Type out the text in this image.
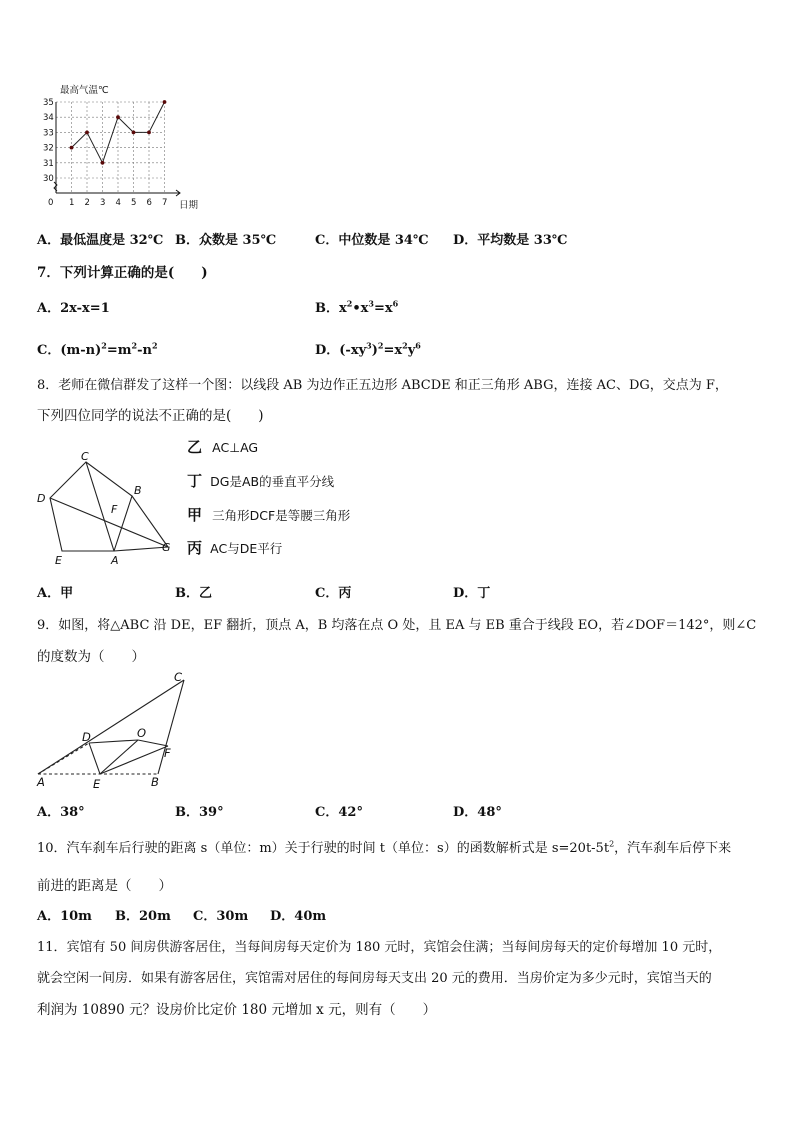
最高气温℃
30
31
32
33
34
35
0 1 2 3 4 5 6 7 日期
A．最低温度是 32℃ B．众数是 35℃	C．中位数是 34℃ D．平均数是 33℃
7．下列计算正确的是(　　)
A．2x-x=1	B．$x^2•x^3=x^6$
C．$(m-n)^2=m^2-n^2$	D．$(-xy^3)^2=x^2y^6$
8．老师在微信群发了这样一个图：以线段 AB 为边作正五边形 ABCDE 和正三角形 ABG，连接 AC、DG，交点为 F，
下列四位同学的说法不正确的是(　　)
C
B
D
F
E	A
G
乙 AC⊥AG
丁 DG是AB的垂直平分线
甲 三角形DCF是等腰三角形
丙 AC与DE平行
A．甲	B．乙	C．丙	D．丁
9．如图，将△ABC 沿 DE，EF 翻折，顶点 A，B 均落在点 O 处，且 EA 与 EB 重合于线段 EO，若∠DOF＝142°，则∠C
的度数为（　　）
C
D	O
F
A	E	B
A．38°	B．39°	C．42°	D．48°
10．汽车刹车后行驶的距离 s（单位：m）关于行驶的时间 t（单位：s）的函数解析式是 $s=20t-5t^2$，汽车刹车后停下来
前进的距离是（　　）
A．10m B．20m C．30m D．40m
11．宾馆有 50 间房供游客居住，当每间房每天定价为 180 元时，宾馆会住满；当每间房每天的定价每增加 10 元时，
就会空闲一间房．如果有游客居住，宾馆需对居住的每间房每天支出 20 元的费用．当房价定为多少元时，宾馆当天的
利润为 10890 元？设房价比定价 180 元增加 x 元，则有（　　）
